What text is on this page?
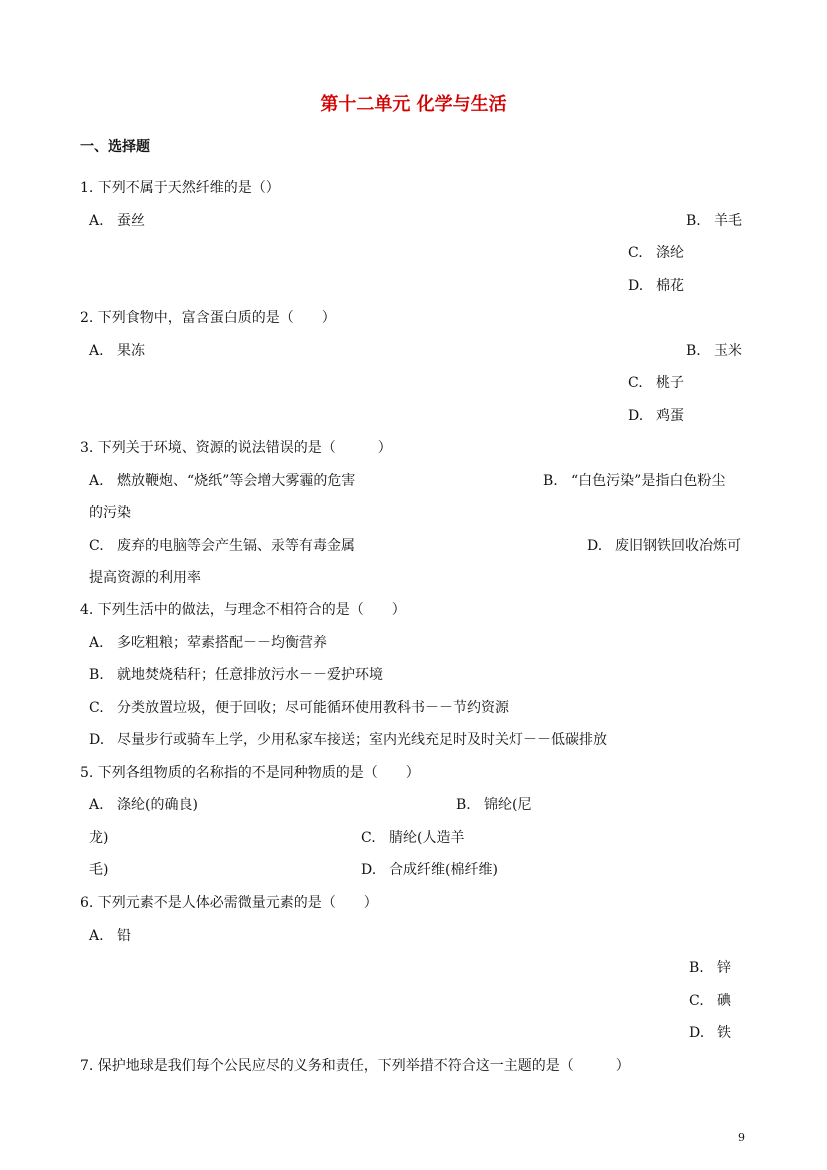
第十二单元 化学与生活
一、选择题
1. 下列不属于天然纤维的是（）
A. 蚕丝	B. 羊毛
C. 涤纶
D. 棉花
2. 下列食物中，富含蛋白质的是（　　）
A. 果冻	B. 玉米
C. 桃子
D. 鸡蛋
3. 下列关于环境、资源的说法错误的是（　　　）
A. 燃放鞭炮、“烧纸”等会增大雾霾的危害	B. “白色污染”是指白色粉尘
的污染
C. 废弃的电脑等会产生镉、汞等有毒金属	D. 废旧钢铁回收冶炼可
提高资源的利用率
4. 下列生活中的做法，与理念不相符合的是（　　）
A. 多吃粗粮；荤素搭配－－均衡营养
B. 就地焚烧秸秆；任意排放污水－－爱护环境
C. 分类放置垃圾，便于回收；尽可能循环使用教科书－－节约资源
D. 尽量步行或骑车上学，少用私家车接送；室内光线充足时及时关灯－－低碳排放
5. 下列各组物质的名称指的不是同种物质的是（　　）
A. 涤纶(的确良)	B. 锦纶(尼
龙)	C. 腈纶(人造羊
毛)	D. 合成纤维(棉纤维)
6. 下列元素不是人体必需微量元素的是（　　）
A. 铅
B. 锌
C. 碘
D. 铁
7. 保护地球是我们每个公民应尽的义务和责任，下列举措不符合这一主题的是（　　　）
9
